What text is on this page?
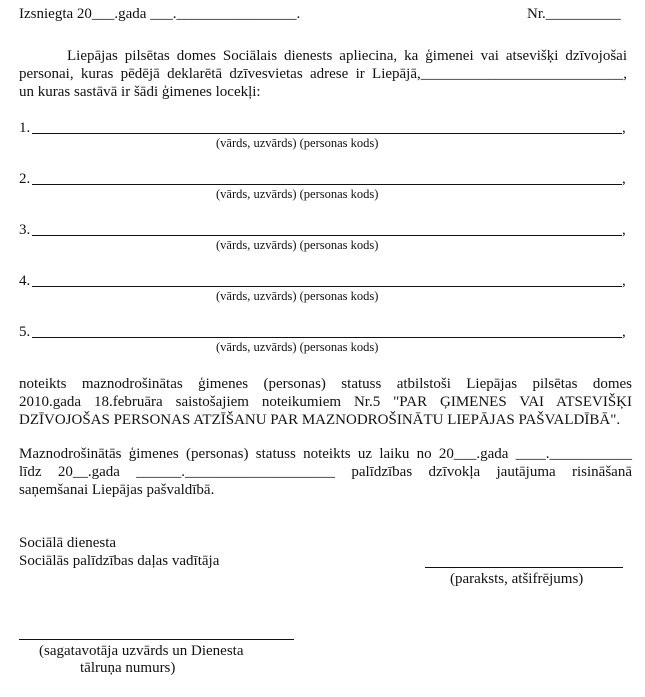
Izsniegta 20___.gada ___.________________.	Nr.__________
Liepājas pilsētas domes Sociālais dienests apliecina, ka ģimenei vai atsevišķi dzīvojošai
personai, kuras pēdējā deklarētā dzīvesvietas adrese ir Liepājā,___________________________,
un kuras sastāvā ir šādi ģimenes locekļi:
1.	,
(vārds, uzvārds) (personas kods)
2.	,
(vārds, uzvārds) (personas kods)
3.	,
(vārds, uzvārds) (personas kods)
4.	,
(vārds, uzvārds) (personas kods)
5.	,
(vārds, uzvārds) (personas kods)
noteikts maznodrošinātas ģimenes (personas) statuss atbilstoši Liepājas pilsētas domes
2010.gada 18.februāra saistošajiem noteikumiem Nr.5 "PAR ĢIMENES VAI ATSEVIŠĶI
DZĪVOJOŠAS PERSONAS ATZĪŠANU PAR MAZNODROŠINĀTU LIEPĀJAS PAŠVALDĪBĀ".
Maznodrošinātās ģimenes (personas) statuss noteikts uz laiku no 20___.gada ____.___________
līdz 20__.gada ______.____________________ palīdzības dzīvokļa jautājuma risināšanā
saņemšanai Liepājas pašvaldībā.
Sociālā dienesta
Sociālās palīdzības daļas vadītāja
(paraksts, atšifrējums)
(sagatavotāja uzvārds un Dienesta
tālruņa numurs)
